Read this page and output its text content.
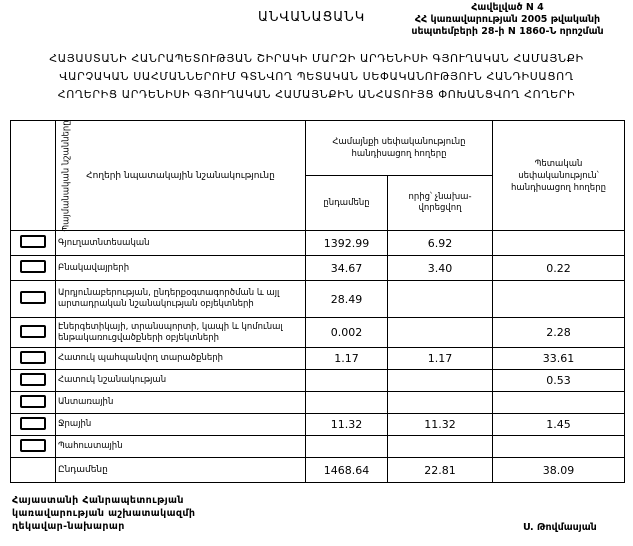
Հավելված N 4
ՀՀ կառավարության 2005 թվականի
սեպտեմբերի 28-ի N 1860-Ն որոշման
ԱՆՎԱՆԱՑԱՆԿ
ՀԱՅԱՍՏԱՆԻ ՀԱՆՐԱՊԵՏՈՒԹՅԱՆ ՇԻՐԱԿԻ ՄԱՐԶԻ ԱՐԴԵՆԻՍԻ ԳՅՈՒՂԱԿԱՆ ՀԱՄԱՅՆՔԻ
ՎԱՐՉԱԿԱՆ ՍԱՀՄԱՆՆԵՐՈՒՄ ԳՏՆՎՈՂ ՊԵՏԱԿԱՆ ՍԵՓԱԿԱՆՈՒԹՅՈՒՆ ՀԱՆԴԻՍԱՑՈՂ
ՀՈՂԵՐԻՑ ԱՐԴԵՆԻՍԻ ԳՅՈՒՂԱԿԱՆ ՀԱՄԱՅՆՔԻՆ ԱՆՀԱՏՈՒՅՑ ՓՈԽԱՆՑՎՈՂ ՀՈՂԵՐԻ
Պայմանական նշանները	Հողերի նպատակային նշանակությունը	Համայնքի սեփականությունը հանդիսացող հողերը		Պետական սեփականություն՝ հանդիսացող հողերը
		ընդամենը	որից՝ չնախա- վորեցվող	
	Գյուղատնտեսական	1392.99	6.92	
	Բնակավայրերի	34.67	3.40	0.22
	Արդյունաբերության, ընդերքօգտագործման և այլ արտադրական նշանակության օբյեկտների	28.49		
	Էներգետիկայի, տրանսպորտի, կապի և կոմունալ ենթակառուցվածքների օբյեկտների	0.002		2.28
	Հատուկ պահպանվող տարածքների	1.17	1.17	33.61
	Հատուկ նշանակության			0.53
	Անտառային			
	Ջրային	11.32	11.32	1.45
	Պահուստային			
	Ընդամենը	1468.64	22.81	38.09
Հայաստանի Հանրապետության
կառավարության աշխատակազմի
ղեկավար-նախարար	Ս. Թովմասյան
